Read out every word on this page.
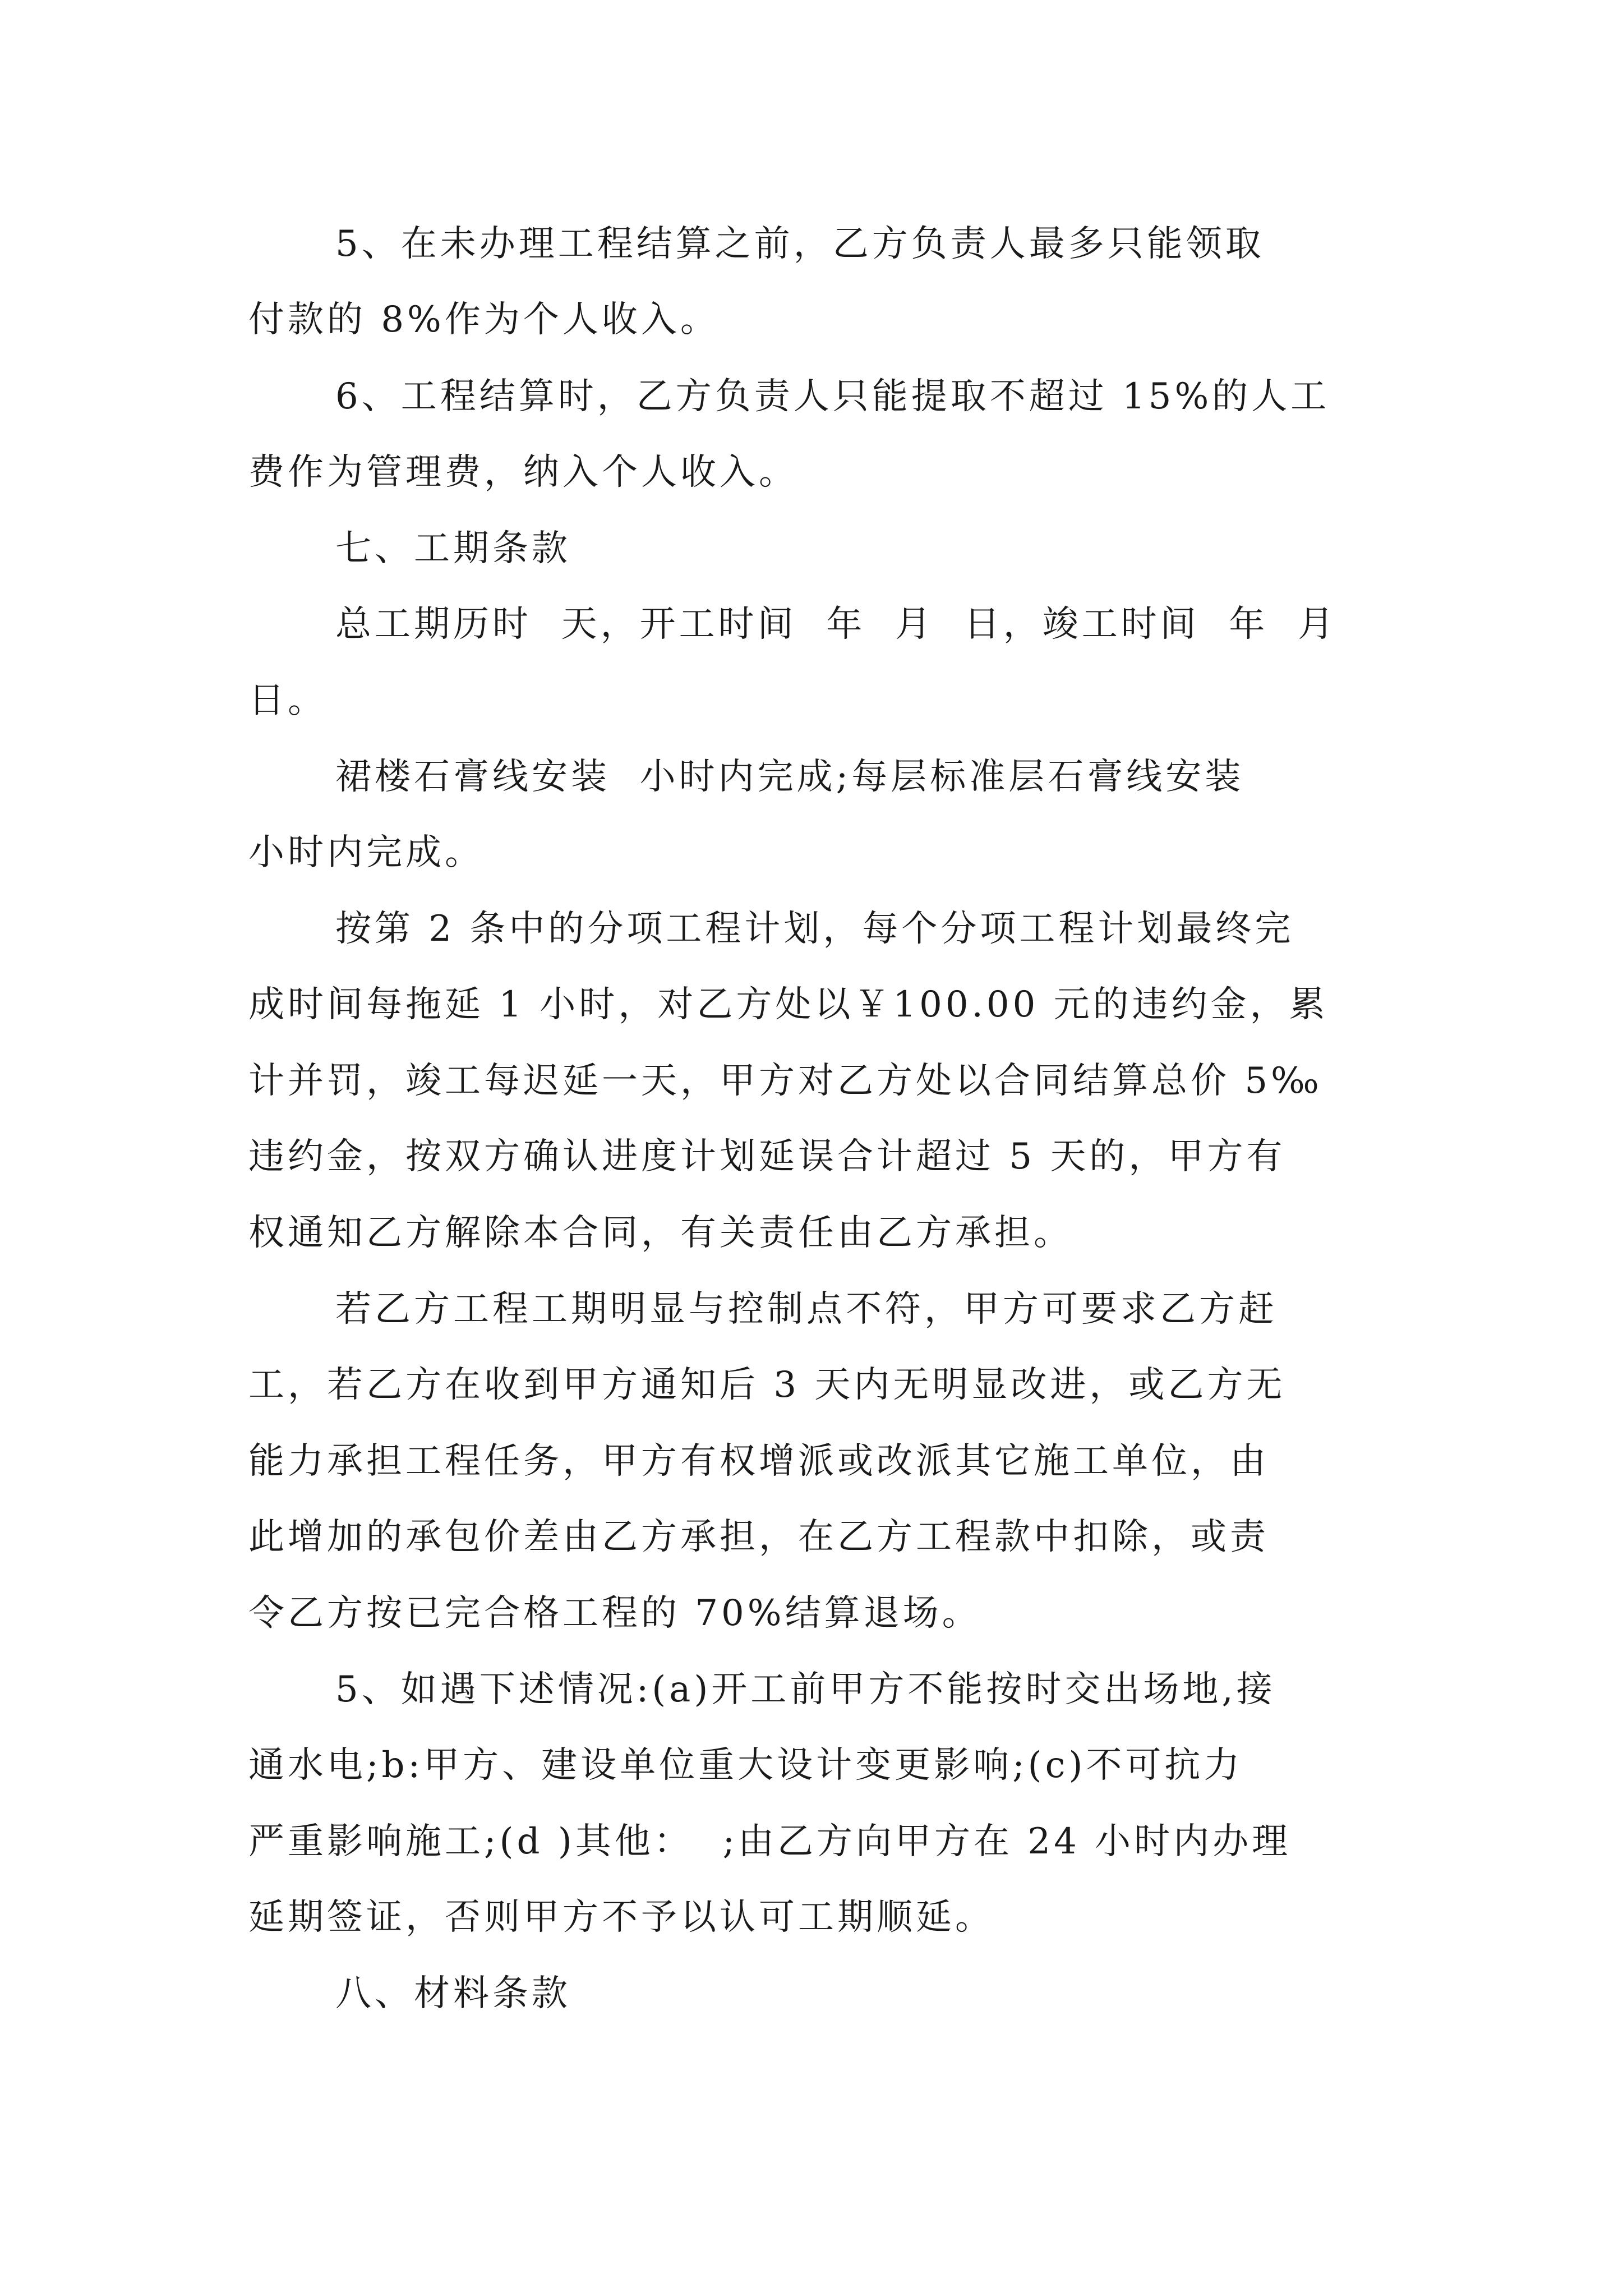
5、在未办理工程结算之前，乙方负责人最多只能领取
付款的 8%作为个人收入。
6、工程结算时，乙方负责人只能提取不超过 15%的人工
费作为管理费，纳入个人收入。
七、工期条款
总工期历时  天，开工时间  年  月  日，竣工时间  年  月
日。
裙楼石膏线安装  小时内完成;每层标准层石膏线安装
小时内完成。
按第 2 条中的分项工程计划，每个分项工程计划最终完
成时间每拖延 1 小时，对乙方处以￥100.00 元的违约金，累
计并罚，竣工每迟延一天，甲方对乙方处以合同结算总价 5‰
违约金，按双方确认进度计划延误合计超过 5 天的，甲方有
权通知乙方解除本合同，有关责任由乙方承担。
若乙方工程工期明显与控制点不符，甲方可要求乙方赶
工，若乙方在收到甲方通知后 3 天内无明显改进，或乙方无
能力承担工程任务，甲方有权增派或改派其它施工单位，由
此增加的承包价差由乙方承担，在乙方工程款中扣除，或责
令乙方按已完合格工程的 70%结算退场。
5、如遇下述情况:(a)开工前甲方不能按时交出场地,接
通水电;b:甲方、建设单位重大设计变更影响;(c)不可抗力
严重影响施工;(d )其他：  ;由乙方向甲方在 24 小时内办理
延期签证，否则甲方不予以认可工期顺延。
八、材料条款
